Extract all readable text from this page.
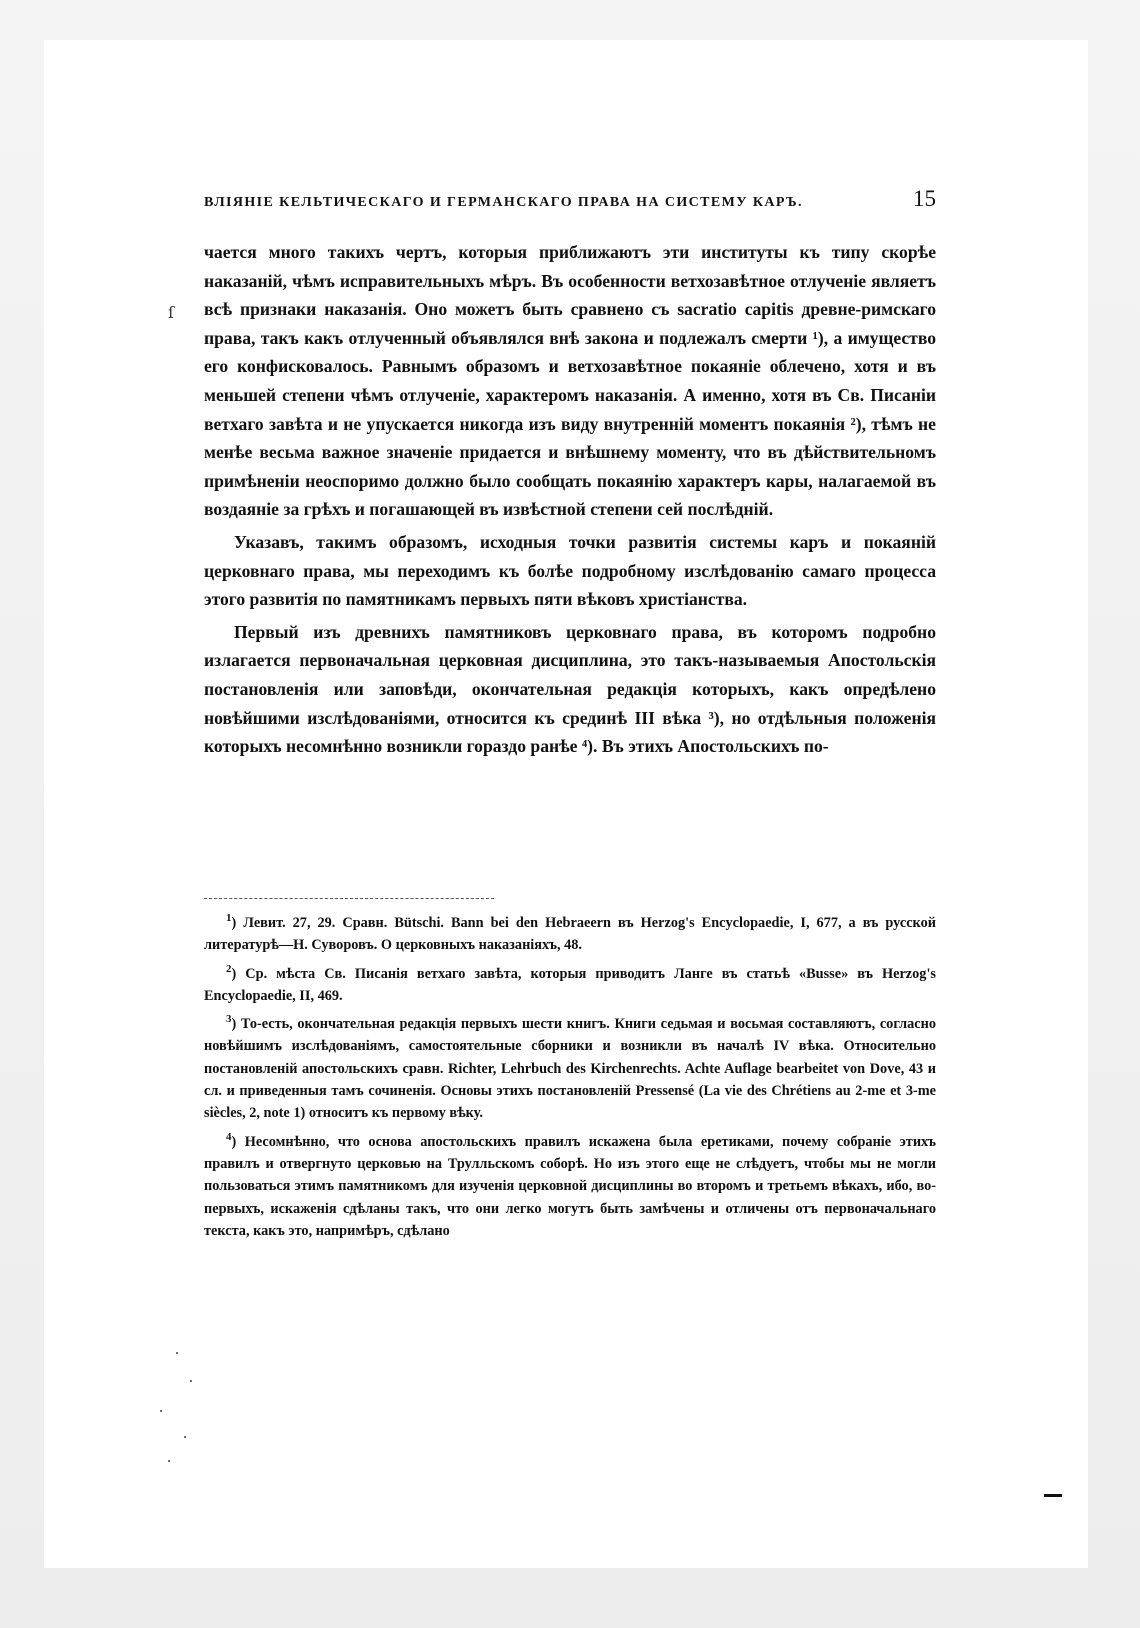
ВЛІЯНІЕ КЕЛЬТИЧЕСКАГО И ГЕРМАНСКАГО ПРАВА НА СИСТЕМУ КАРЪ.	15
ſ

чается много такихъ чертъ, которыя приближаютъ эти институты къ типу скорѣе наказаній, чѣмъ исправительныхъ мѣръ. Въ особенности ветхозавѣтное отлученіе являетъ всѣ признаки наказанія. Оно можетъ быть сравнено съ sacratio capitis древне-римскаго права, такъ какъ отлученный объявлялся внѣ закона и подлежалъ смерти ¹), а имущество его конфисковалось. Равнымъ образомъ и ветхозавѣтное покаяніе облечено, хотя и въ меньшей степени чѣмъ отлученіе, характеромъ наказанія. А именно, хотя въ Св. Писаніи ветхаго завѣта и не упускается никогда изъ виду внутренній моментъ покаянія ²), тѣмъ не менѣе весьма важное значеніе придается и внѣшнему моменту, что въ дѣйствительномъ примѣненіи неоспоримо должно было сообщать покаянію характеръ кары, налагаемой въ воздаяніе за грѣхъ и погашающей въ извѣстной степени сей послѣдній.

Указавъ, такимъ образомъ, исходныя точки развитія системы каръ и покаяній церковнаго права, мы переходимъ къ болѣе подробному изслѣдованію самаго процесса этого развитія по памятникамъ первыхъ пяти вѣковъ христіанства.

Первый изъ древнихъ памятниковъ церковнаго права, въ которомъ подробно излагается первоначальная церковная дисциплина, это такъ-называемыя Апостольскія постановленія или заповѣди, окончательная редакція которыхъ, какъ опредѣлено новѣйшими изслѣдованіями, относится къ срединѣ III вѣка ³), но отдѣльныя положенія которыхъ несомнѣнно возникли гораздо ранѣе ⁴). Въ этихъ Апостольскихъ по-

$^1$) Левит. 27, 29. Сравн. Bütschi. Bann bei den Hebraeern въ Herzog's Encyclopaedie, I, 677, а въ русской литературѣ—Н. Суворовъ. О церковныхъ наказаніяхъ, 48.

$^2$) Ср. мѣста Св. Писанія ветхаго завѣта, которыя приводитъ Ланге въ статьѣ «Busse» въ Herzog's Encyclopaedie, II, 469.

$^3$) То-есть, окончательная редакція первыхъ шести книгъ. Книги седьмая и восьмая составляютъ, согласно новѣйшимъ изслѣдованіямъ, самостоятельные сборники и возникли въ началѣ IV вѣка. Относительно постановленій апостольскихъ сравн. Richter, Lehrbuch des Kirchenrechts. Achte Auflage bearbeitet von Dove, 43 и сл. и приведенныя тамъ сочиненія. Основы этихъ постановленій Pressensé (La vie des Chrétiens au 2-me et 3-me siècles, 2, note 1) относитъ къ первому вѣку.

$^4$) Несомнѣнно, что основа апостольскихъ правилъ искажена была еретиками, почему собраніе этихъ правилъ и отвергнуто церковью на Трулльскомъ соборѣ. Но изъ этого еще не слѣдуетъ, чтобы мы не могли пользоваться этимъ памятникомъ для изученія церковной дисциплины во второмъ и третьемъ вѣкахъ, ибо, во-первыхъ, искаженія сдѣланы такъ, что они легко могутъ быть замѣчены и отличены отъ первоначальнаго текста, какъ это, напримѣръ, сдѣлано
